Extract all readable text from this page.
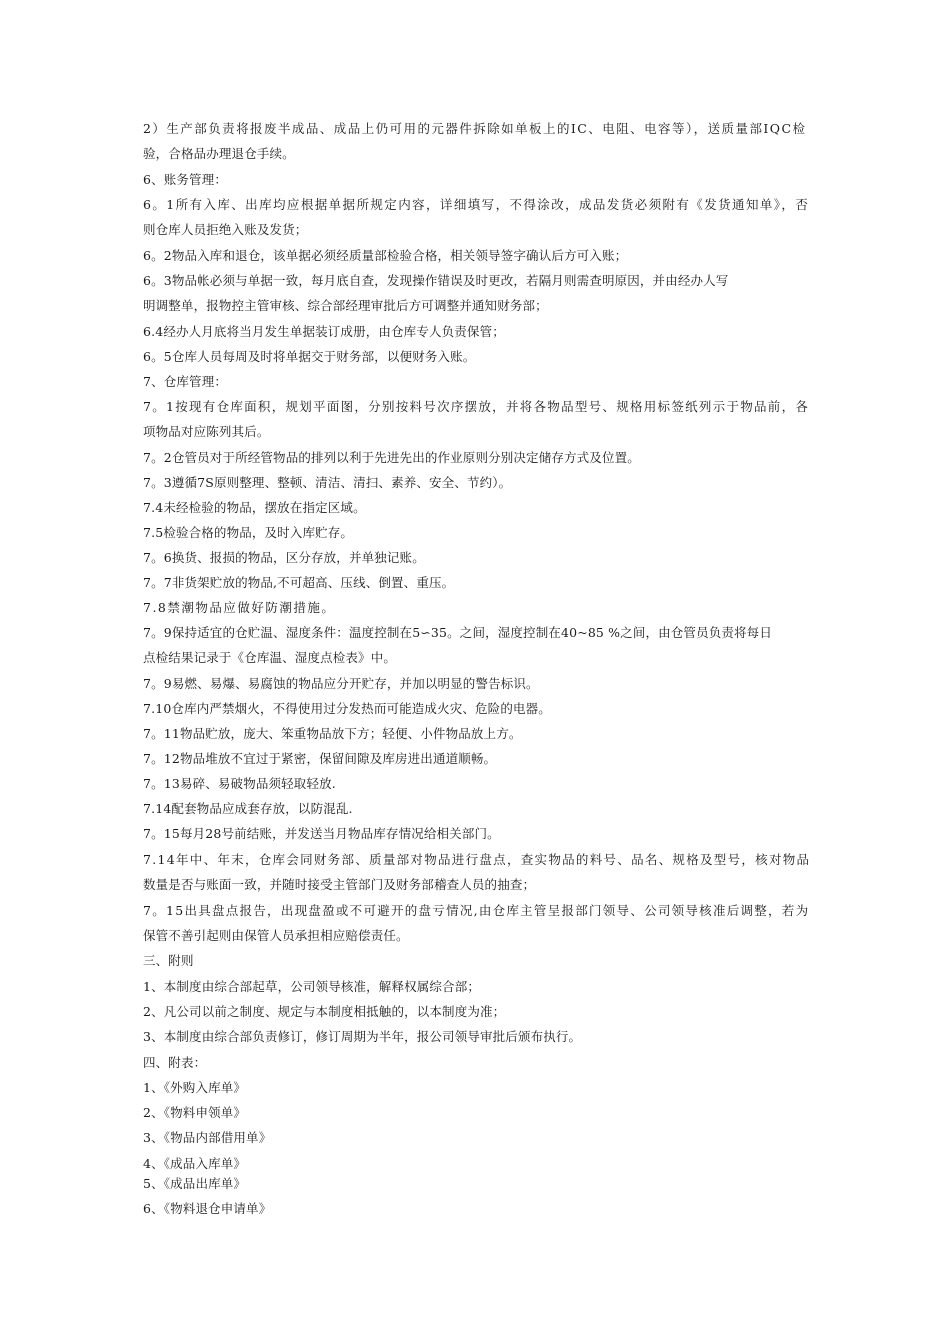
2）生产部负责将报废半成品、成品上仍可用的元器件拆除如单板上的IC、电阻、电容等），送质量部IQC检
验，合格品办理退仓手续。
6、账务管理：
6。1所有入库、出库均应根据单据所规定内容，详细填写，不得涂改，成品发货必须附有《发货通知单》，否
则仓库人员拒绝入账及发货；
6。2物品入库和退仓，该单据必须经质量部检验合格，相关领导签字确认后方可入账；
6。3物品帐必须与单据一致，每月底自查，发现操作错误及时更改，若隔月则需查明原因，并由经办人写
明调整单，报物控主管审核、综合部经理审批后方可调整并通知财务部；
6.4经办人月底将当月发生单据装订成册，由仓库专人负责保管；
6。5仓库人员每周及时将单据交于财务部，以便财务入账。
7、仓库管理：
7。1按现有仓库面积，规划平面图，分别按料号次序摆放，并将各物品型号、规格用标签纸列示于物品前，各
项物品对应陈列其后。
7。2仓管员对于所经管物品的排列以利于先进先出的作业原则分别决定储存方式及位置。
7。3遵循7S原则整理、整顿、清洁、清扫、素养、安全、节约）。
7.4未经检验的物品，摆放在指定区域。
7.5检验合格的物品，及时入库贮存。
7。6换货、报损的物品，区分存放，并单独记账。
7。7非货架贮放的物品,不可超高、压线、倒置、重压。
7.8禁潮物品应做好防潮措施。
7。9保持适宜的仓贮温、湿度条件：温度控制在5∽35。之间，湿度控制在40~85 %之间，由仓管员负责将每日
点检结果记录于《仓库温、湿度点检表》中。
7。9易燃、易爆、易腐蚀的物品应分开贮存，并加以明显的警告标识。
7.10仓库内严禁烟火，不得使用过分发热而可能造成火灾、危险的电器。
7。11物品贮放，庞大、笨重物品放下方；轻便、小件物品放上方。
7。12物品堆放不宜过于紧密，保留间隙及库房进出通道顺畅。
7。13易碎、易破物品须轻取轻放.
7.14配套物品应成套存放，以防混乱.
7。15每月28号前结账，并发送当月物品库存情况给相关部门。
7.14年中、年末，仓库会同财务部、质量部对物品进行盘点，查实物品的料号、品名、规格及型号，核对物品
数量是否与账面一致，并随时接受主管部门及财务部稽查人员的抽查；
7。15出具盘点报告，出现盘盈或不可避开的盘亏情况,由仓库主管呈报部门领导、公司领导核准后调整，若为
保管不善引起则由保管人员承担相应赔偿责任。
三、附则
1、本制度由综合部起草，公司领导核准，解释权属综合部；
2、凡公司以前之制度、规定与本制度相抵触的，以本制度为准；
3、本制度由综合部负责修订，修订周期为半年，报公司领导审批后颁布执行。
四、附表：
1、《外购入库单》
2、《物料申领单》
3、《物品内部借用单》
4、《成品入库单》
5、《成品出库单》
6、《物料退仓申请单》
